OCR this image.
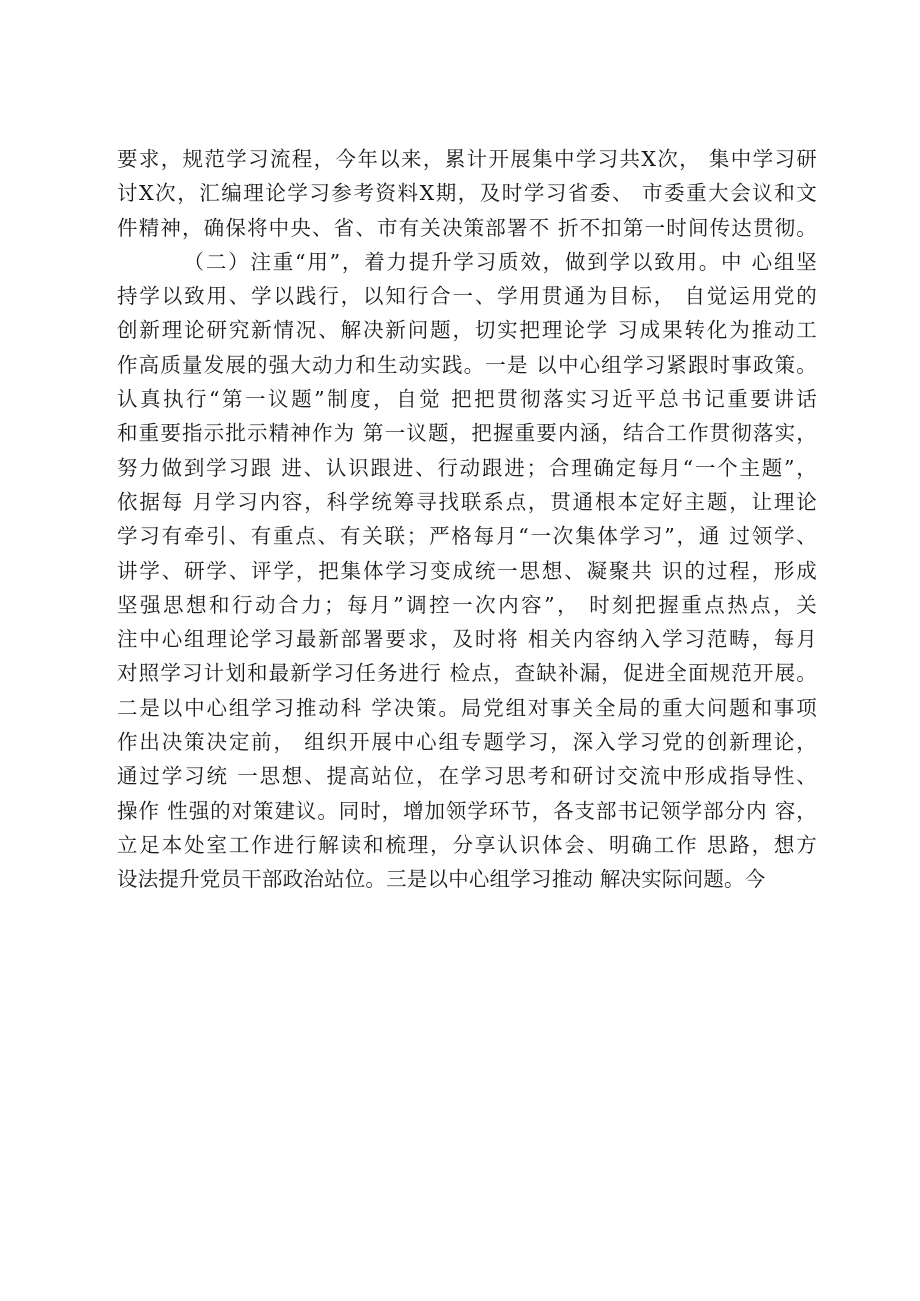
要求，规范学习流程，今年以来，累计开展集中学习共X次， 集中学习研
讨X次，汇编理论学习参考资料X期，及时学习省委、 市委重大会议和文
件精神，确保将中央、省、市有关决策部署不 折不扣第一时间传达贯彻。
（二）注重“用”，着力提升学习质效，做到学以致用。中 心组坚
持学以致用、学以践行，以知行合一、学用贯通为目标， 自觉运用党的
创新理论研究新情况、解决新问题，切实把理论学 习成果转化为推动工
作高质量发展的强大动力和生动实践。一是 以中心组学习紧跟时事政策。
认真执行“第一议题”制度，自觉 把把贯彻落实习近平总书记重要讲话
和重要指示批示精神作为 第一议题，把握重要内涵，结合工作贯彻落实，
努力做到学习跟 进、认识跟进、行动跟进；合理确定每月“一个主题”，
依据每 月学习内容，科学统筹寻找联系点，贯通根本定好主题，让理论
学习有牵引、有重点、有关联；严格每月“一次集体学习”，通 过领学、
讲学、研学、评学，把集体学习变成统一思想、凝聚共 识的过程，形成
坚强思想和行动合力；每月”调控一次内容”， 时刻把握重点热点，关
注中心组理论学习最新部署要求，及时将 相关内容纳入学习范畴，每月
对照学习计划和最新学习任务进行 检点，查缺补漏，促进全面规范开展。
二是以中心组学习推动科 学决策。局党组对事关全局的重大问题和事项
作出决策决定前， 组织开展中心组专题学习，深入学习党的创新理论，
通过学习统 一思想、提高站位，在学习思考和研讨交流中形成指导性、
操作 性强的对策建议。同时，增加领学环节，各支部书记领学部分内 容，
立足本处室工作进行解读和梳理，分享认识体会、明确工作 思路，想方
设法提升党员干部政治站位。三是以中心组学习推动 解决实际问题。今
